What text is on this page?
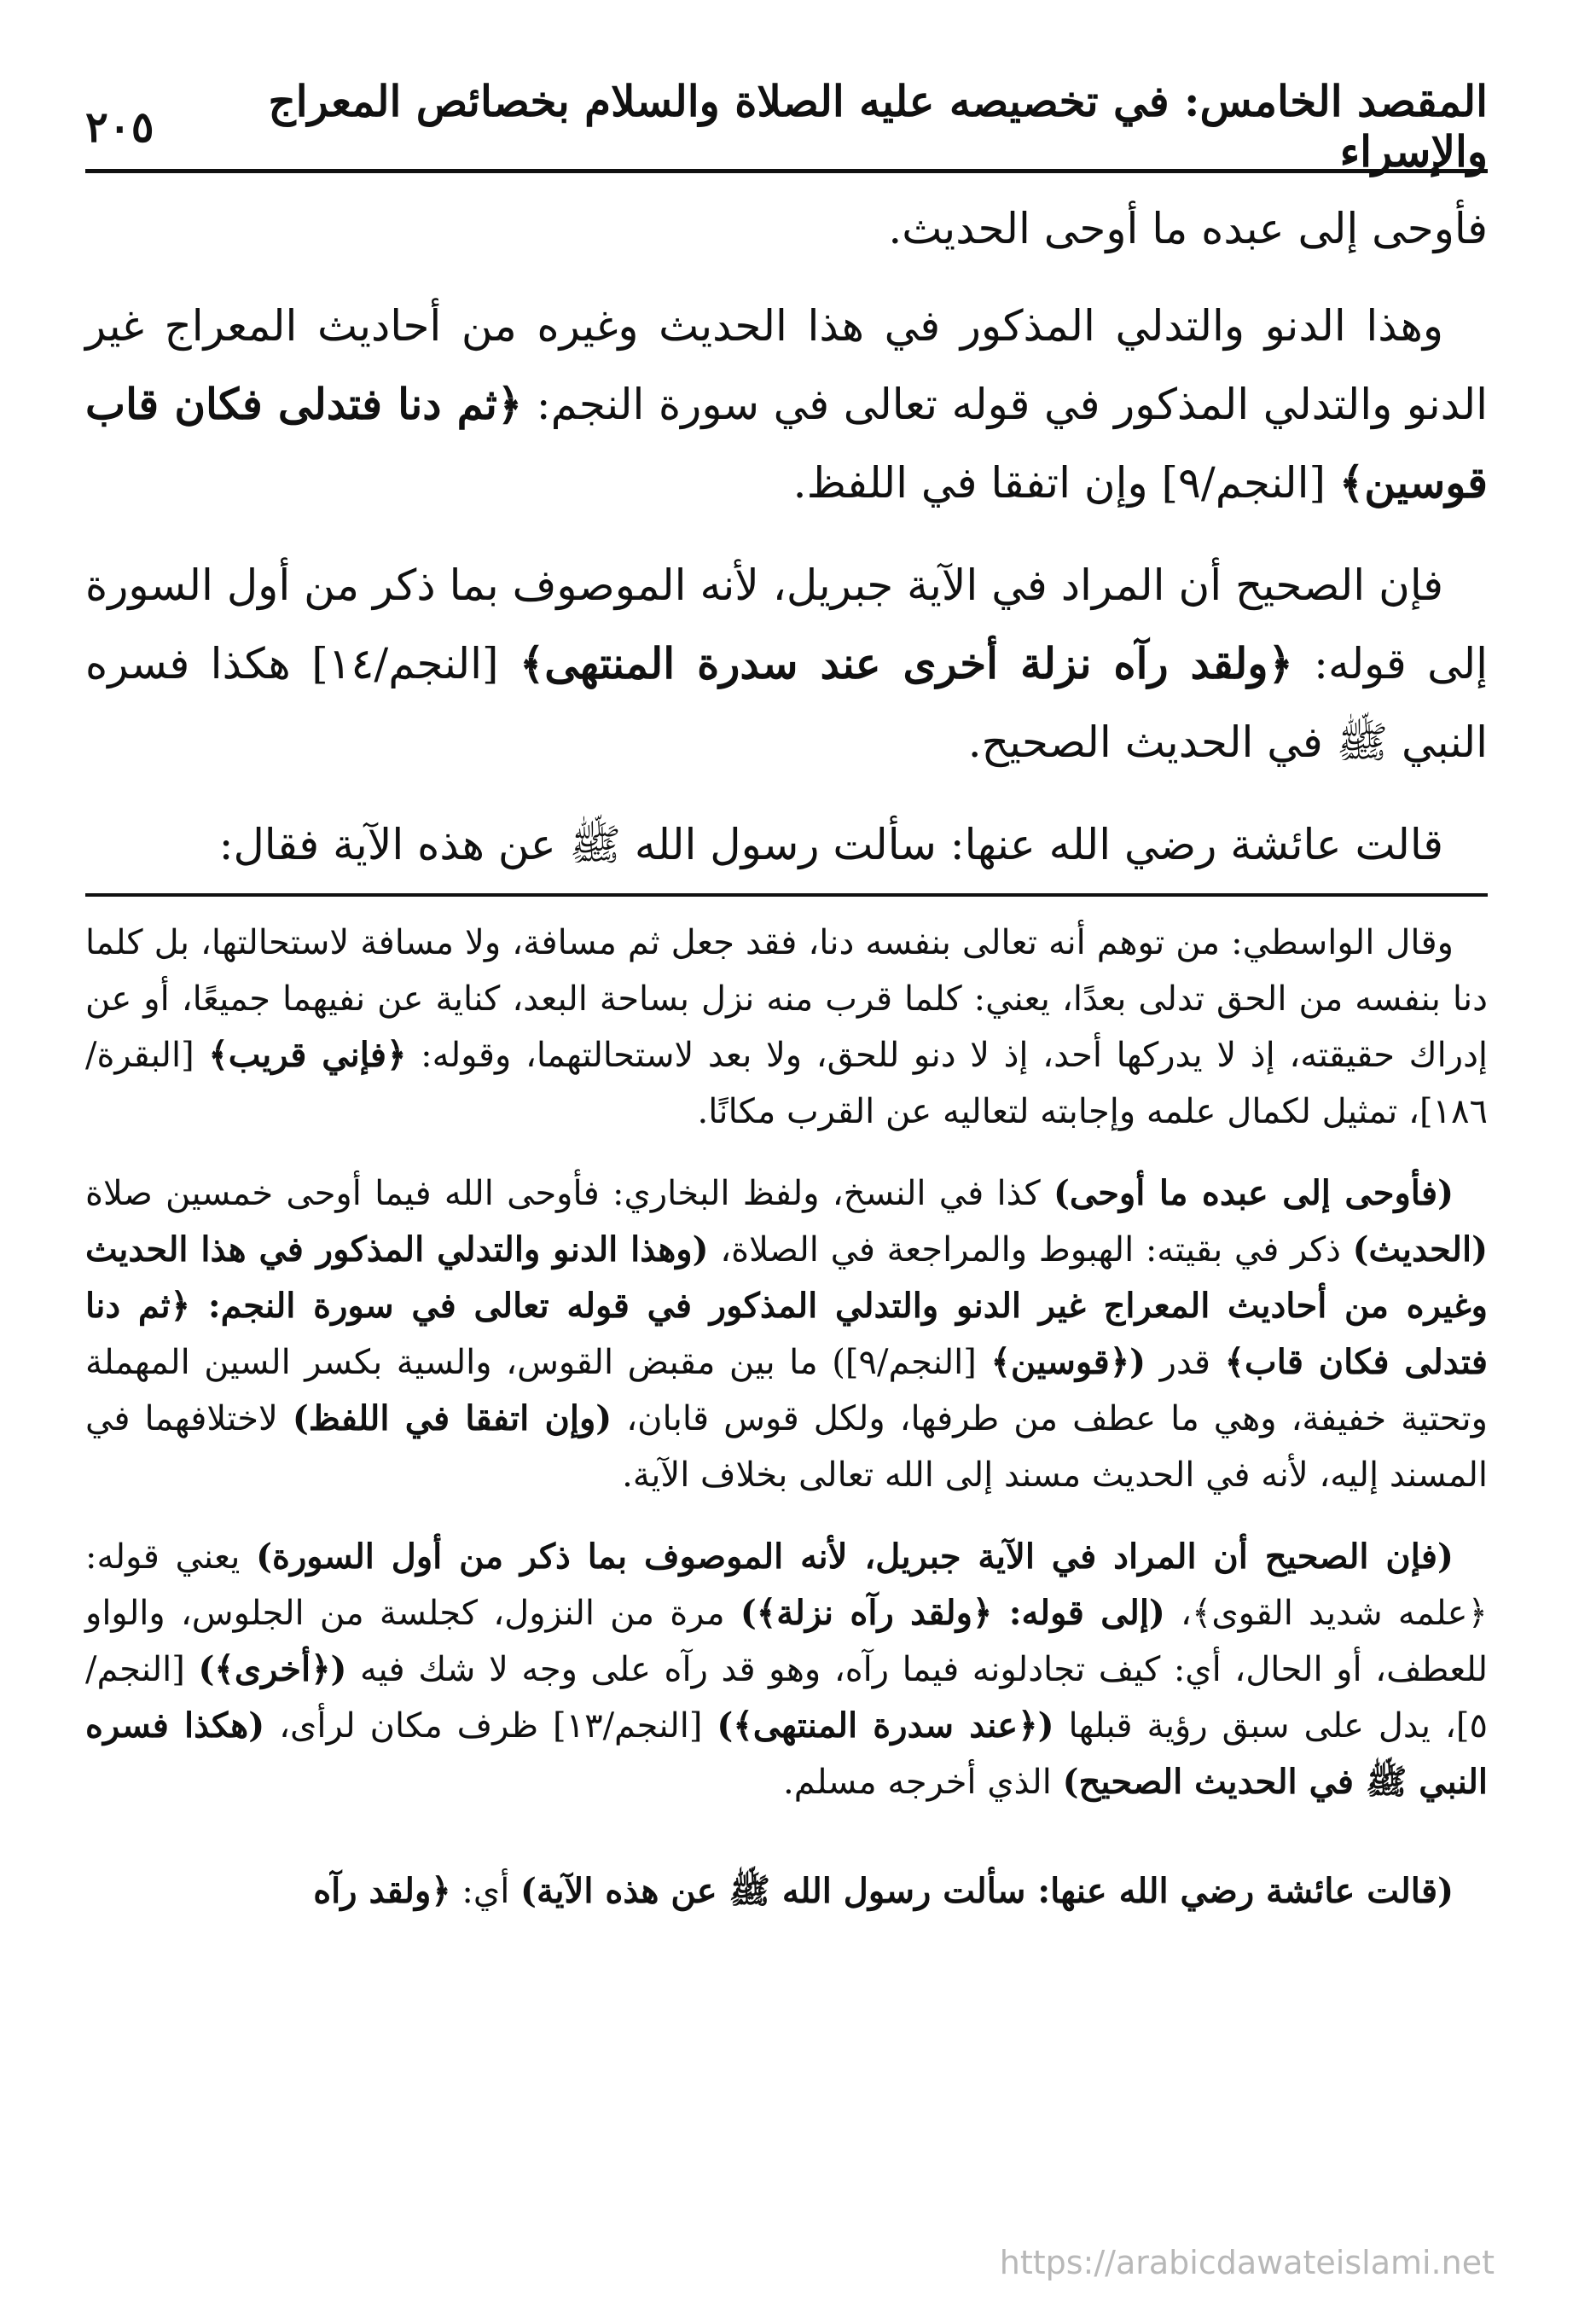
المقصد الخامس: في تخصيصه عليه الصلاة والسلام بخصائص المعراج والإسراء
٢٠٥

فأوحى إلى عبده ما أوحى الحديث.

وهذا الدنو والتدلي المذكور في هذا الحديث وغيره من أحاديث المعراج غير الدنو والتدلي المذكور في قوله تعالى في سورة النجم: ﴿ثم دنا فتدلى فكان قاب قوسين﴾ [النجم/٩] وإن اتفقا في اللفظ.

فإن الصحيح أن المراد في الآية جبريل، لأنه الموصوف بما ذكر من أول السورة إلى قوله: ﴿ولقد رآه نزلة أخرى عند سدرة المنتهى﴾ [النجم/١٤] هكذا فسره النبي ﷺ في الحديث الصحيح.

قالت عائشة رضي الله عنها: سألت رسول الله ﷺ عن هذه الآية فقال:

وقال الواسطي: من توهم أنه تعالى بنفسه دنا، فقد جعل ثم مسافة، ولا مسافة لاستحالتها، بل كلما دنا بنفسه من الحق تدلى بعدًا، يعني: كلما قرب منه نزل بساحة البعد، كناية عن نفيهما جميعًا، أو عن إدراك حقيقته، إذ لا يدركها أحد، إذ لا دنو للحق، ولا بعد لاستحالتهما، وقوله: ﴿فإني قريب﴾ [البقرة/١٨٦]، تمثيل لكمال علمه وإجابته لتعاليه عن القرب مكانًا.

(فأوحى إلى عبده ما أوحى) كذا في النسخ، ولفظ البخاري: فأوحى الله فيما أوحى خمسين صلاة (الحديث) ذكر في بقيته: الهبوط والمراجعة في الصلاة، (وهذا الدنو والتدلي المذكور في هذا الحديث وغيره من أحاديث المعراج غير الدنو والتدلي المذكور في قوله تعالى في سورة النجم: ﴿ثم دنا فتدلى فكان قاب﴾ قدر (﴿قوسين﴾ [النجم/٩]) ما بين مقبض القوس، والسية بكسر السين المهملة وتحتية خفيفة، وهي ما عطف من طرفها، ولكل قوس قابان، (وإن اتفقا في اللفظ) لاختلافهما في المسند إليه، لأنه في الحديث مسند إلى الله تعالى بخلاف الآية.

(فإن الصحيح أن المراد في الآية جبريل، لأنه الموصوف بما ذكر من أول السورة) يعني قوله: ﴿علمه شديد القوى﴾، (إلى قوله: ﴿ولقد رآه نزلة﴾) مرة من النزول، كجلسة من الجلوس، والواو للعطف، أو الحال، أي: كيف تجادلونه فيما رآه، وهو قد رآه على وجه لا شك فيه (﴿أخرى﴾) [النجم/٥]، يدل على سبق رؤية قبلها (﴿عند سدرة المنتهى﴾) [النجم/١٣] ظرف مكان لرأى، (هكذا فسره النبي ﷺ في الحديث الصحيح) الذي أخرجه مسلم.

(قالت عائشة رضي الله عنها: سألت رسول الله ﷺ عن هذه الآية) أي: ﴿ولقد رآه

https://arabicdawateislami.net
